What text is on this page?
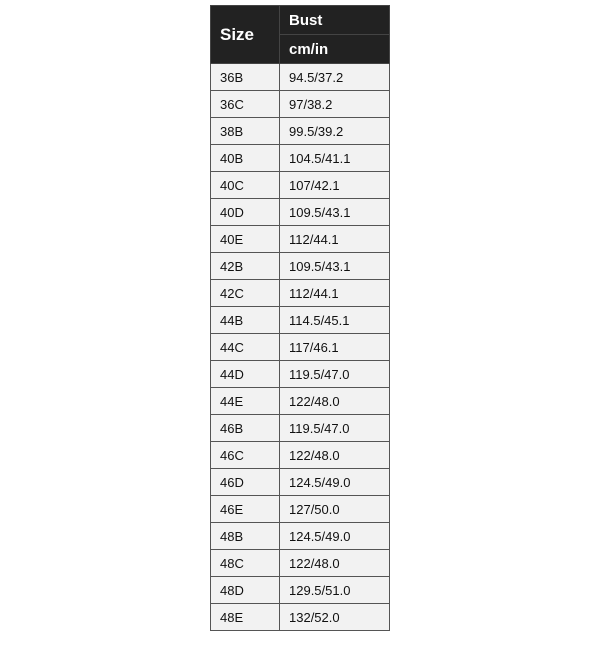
Size	Bust
	cm/in
36B	94.5/37.2
36C	97/38.2
38B	99.5/39.2
40B	104.5/41.1
40C	107/42.1
40D	109.5/43.1
40E	112/44.1
42B	109.5/43.1
42C	112/44.1
44B	114.5/45.1
44C	117/46.1
44D	119.5/47.0
44E	122/48.0
46B	119.5/47.0
46C	122/48.0
46D	124.5/49.0
46E	127/50.0
48B	124.5/49.0
48C	122/48.0
48D	129.5/51.0
48E	132/52.0
